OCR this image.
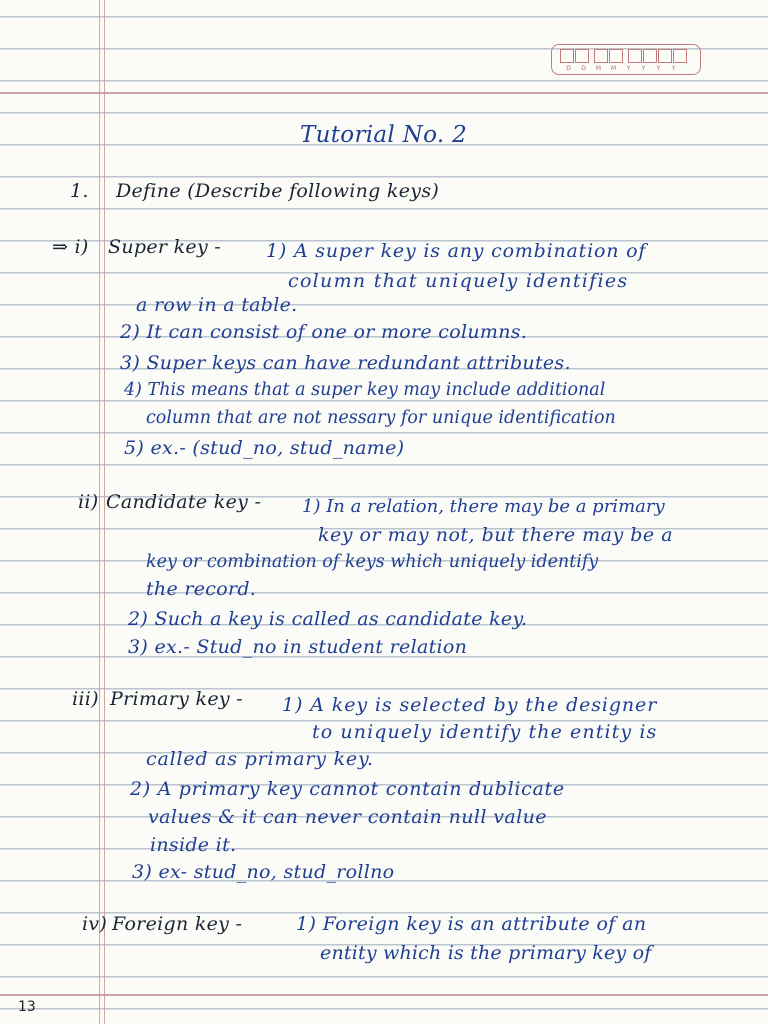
D	D	M	M	Y	Y	Y	Y
Tutorial No. 2
1. Define (Describe following keys)
⇒ i) Super key - 1) A super key is any combination of
column that uniquely identifies
a row in a table.
2) It can consist of one or more columns.
3) Super keys can have redundant attributes.
4) This means that a super key may include additional
column that are not nessary for unique identification
5) ex.- (stud_no, stud_name)
ii) Candidate key - 1) In a relation, there may be a primary
key or may not, but there may be a
key or combination of keys which uniquely identify
the record.
2) Such a key is called as candidate key.
3) ex.- Stud_no in student relation
iii) Primary key - 1) A key is selected by the designer
to uniquely identify the entity is
called as primary key.
2) A primary key cannot contain dublicate
values & it can never contain null value
inside it.
3) ex- stud_no, stud_rollno
iv) Foreign key -	1) Foreign key is an attribute of an
entity which is the primary key of
13
